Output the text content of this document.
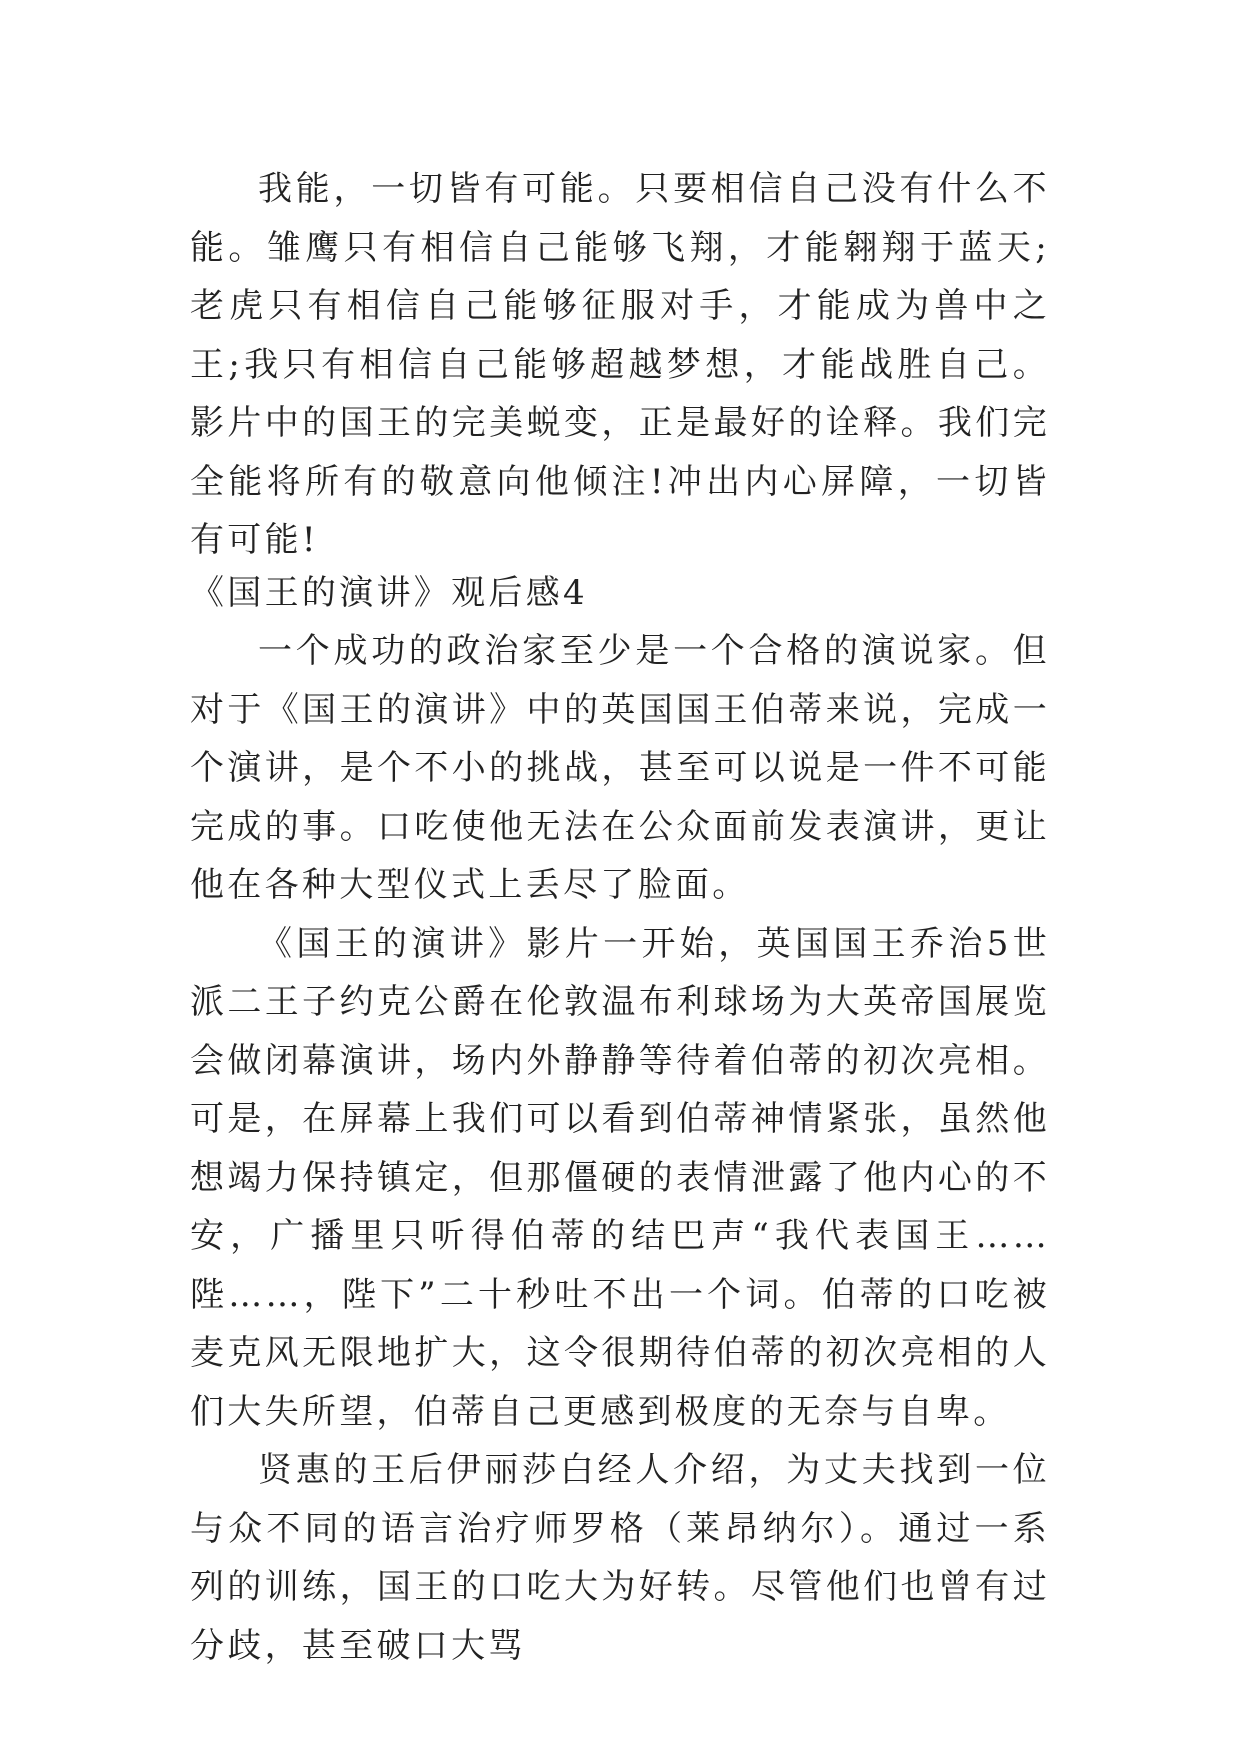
我能，一切皆有可能。只要相信自己没有什么不能。雏鹰只有相信自己能够飞翔，才能翱翔于蓝天;老虎只有相信自己能够征服对手，才能成为兽中之王;我只有相信自己能够超越梦想，才能战胜自己。影片中的国王的完美蜕变，正是最好的诠释。我们完全能将所有的敬意向他倾注!冲出内心屏障，一切皆有可能!

《国王的演讲》观后感4

一个成功的政治家至少是一个合格的演说家。但对于《国王的演讲》中的英国国王伯蒂来说，完成一个演讲，是个不小的挑战，甚至可以说是一件不可能完成的事。口吃使他无法在公众面前发表演讲，更让他在各种大型仪式上丢尽了脸面。

《国王的演讲》影片一开始，英国国王乔治5世派二王子约克公爵在伦敦温布利球场为大英帝国展览会做闭幕演讲，场内外静静等待着伯蒂的初次亮相。可是，在屏幕上我们可以看到伯蒂神情紧张，虽然他想竭力保持镇定，但那僵硬的表情泄露了他内心的不安，广播里只听得伯蒂的结巴声“我代表国王……陛……，陛下”二十秒吐不出一个词。伯蒂的口吃被麦克风无限地扩大，这令很期待伯蒂的初次亮相的人们大失所望，伯蒂自己更感到极度的无奈与自卑。

贤惠的王后伊丽莎白经人介绍，为丈夫找到一位与众不同的语言治疗师罗格（莱昂纳尔）。通过一系列的训练，国王的口吃大为好转。尽管他们也曾有过分歧，甚至破口大骂
